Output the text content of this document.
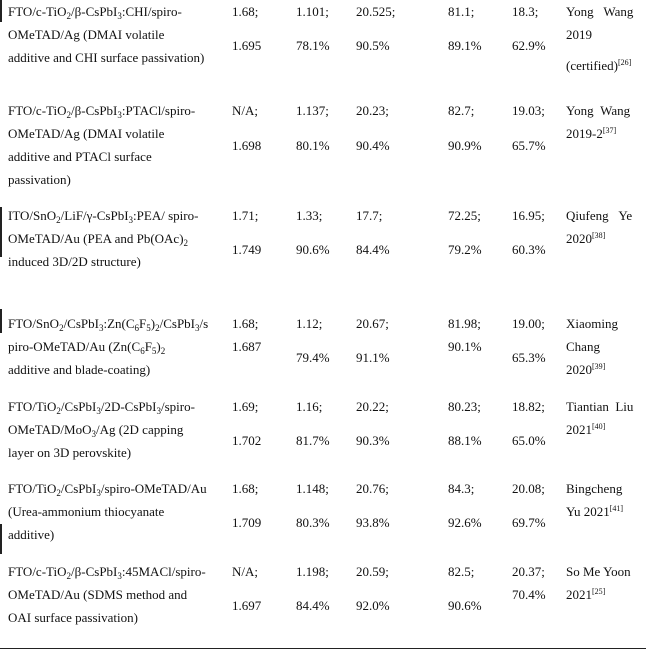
FTO/c-TiO$_2$/β-CsPbI$_3$:CHI/spiro-
OMeTAD/Ag (DMAI volatile
additive and CHI surface passivation)
1.68;
1.695
1.101;
78.1%
20.525;
90.5%
81.1;
89.1%
18.3;
62.9%
Yong   Wang
2019
(certified)[26]
FTO/c-TiO$_2$/β-CsPbI$_3$:PTACl/spiro-
OMeTAD/Ag (DMAI volatile
additive and PTACl surface
passivation)
N/A;
1.698
1.137;
80.1%
20.23;
90.4%
82.7;
90.9%
19.03;
65.7%
Yong  Wang
2019-2[37]
ITO/SnO$_2$/LiF/γ-CsPbI$_3$:PEA/ spiro-
OMeTAD/Au (PEA and $Pb(OAc)_2$
induced 3D/2D structure)
1.71;
1.749
1.33;
90.6%
17.7;
84.4%
72.25;
79.2%
16.95;
60.3%
Qiufeng   Ye
2020[38]
FTO/$SnO_2/CsPbI_3:Zn(C_6F_5)_2/CsPbI_3/s$
piro-OMeTAD/Au ($Zn(C_6F_5)_2$
additive and blade-coating)
1.68;
1.687
1.12;
79.4%
20.67;
91.1%
81.98;
90.1%
19.00;
65.3%
Xiaoming
Chang
2020[39]
FTO/TiO$_2$/CsPbI$_3$/2D-CsPbI$_3$/spiro-
OMeTAD/MoO$_3$/Ag (2D capping
layer on 3D perovskite)
1.69;
1.702
1.16;
81.7%
20.22;
90.3%
80.23;
88.1%
18.82;
65.0%
Tiantian  Liu
2021[40]
FTO/TiO$_2$/CsPbI$_3$/spiro-OMeTAD/Au
(Urea-ammonium thiocyanate
additive)
1.68;
1.709
1.148;
80.3%
20.76;
93.8%
84.3;
92.6%
20.08;
69.7%
Bingcheng
Yu 2021[41]
FTO/c-TiO$_2$/β-CsPbI$_3$:45MACl/spiro-
OMeTAD/Au (SDMS method and
OAI surface passivation)
N/A;
1.697
1.198;
84.4%
20.59;
92.0%
82.5;
90.6%
20.37;
70.4%
So Me Yoon
2021[25]
